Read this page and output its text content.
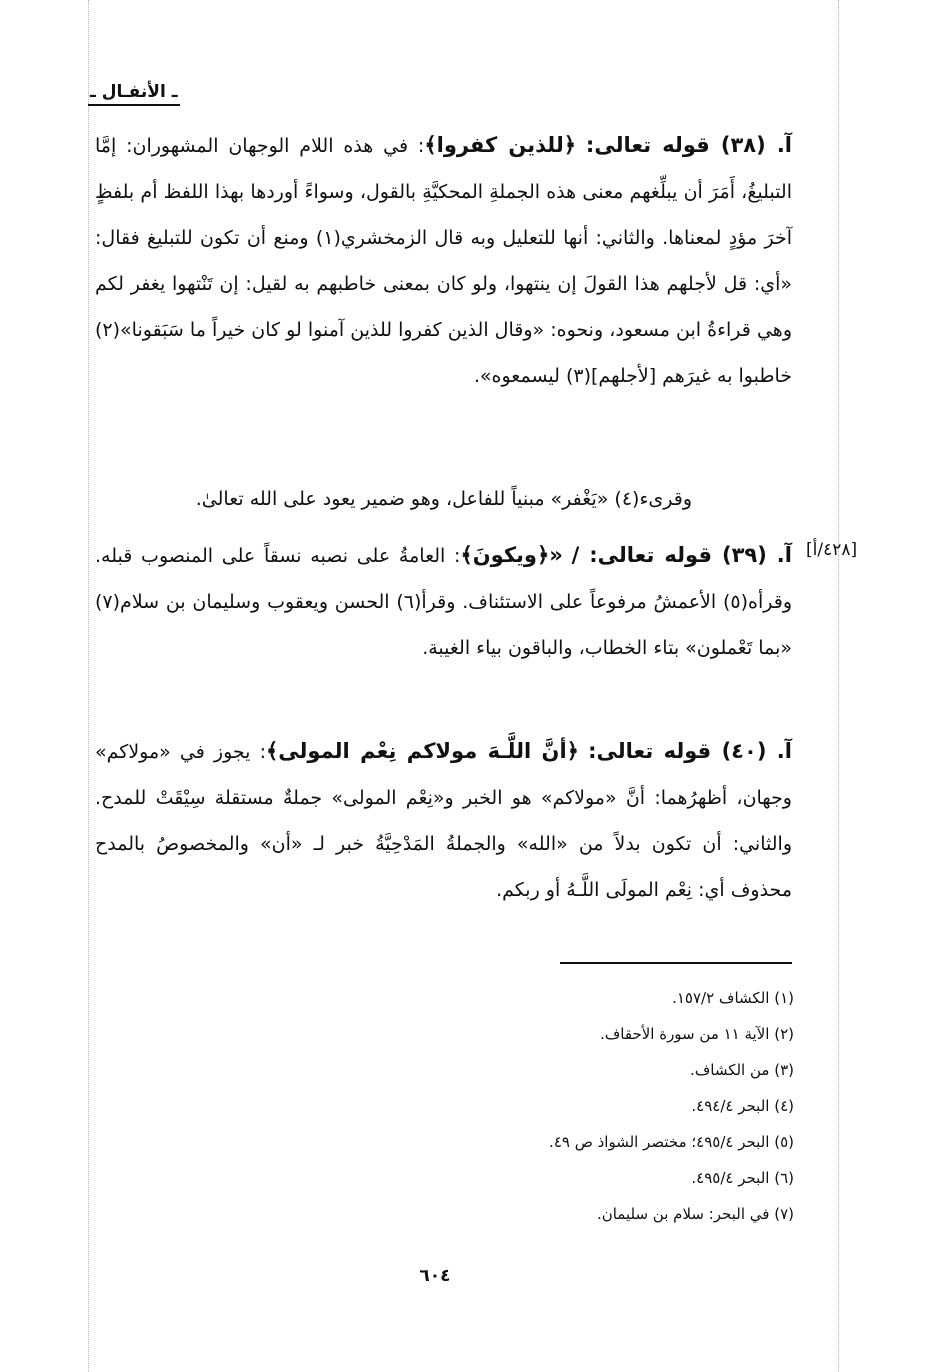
ـ الأنفـال ـ

آ. (٣٨) قوله تعالى: ﴿للذين كفروا﴾: في هذه اللام الوجهان المشهوران: إمَّا التبليغُ، أَمَرَ أن يبلِّغهم معنى هذه الجملةِ المحكيَّةِ بالقول، وسواءً أوردها بهذا اللفظ أم بلفظٍ آخرَ مؤدٍ لمعناها. والثاني: أنها للتعليل وبه قال الزمخشري(١) ومنع أن تكون للتبليغ فقال: «أي: قل لأجلهم هذا القولَ إن ينتهوا، ولو كان بمعنى خاطبهم به لقيل: إن تَنْتهوا يغفر لكم وهي قراءةُ ابن مسعود، ونحوه: «وقال الذين كفروا للذين آمنوا لو كان خيراً ما سَبَقونا»(٢) خاطبوا به غيرَهم [لأجلهم](٣) ليسمعوه».

وقرىء(٤) «يَغْفر» مبنياً للفاعل، وهو ضمير يعود على الله تعالىٰ.

[٤٢٨/أ]

آ. (٣٩) قوله تعالى: / «﴿ويكونَ﴾: العامةُ على نصبه نسقاً على المنصوب قبله. وقرأه(٥) الأعمشُ مرفوعاً على الاستئناف. وقرأ(٦) الحسن ويعقوب وسليمان بن سلام(٧) «بما تَعْملون» بتاء الخطاب، والباقون بياء الغيبة.

آ. (٤٠) قوله تعالى: ﴿أنَّ اللَّـهَ مولاكم نِعْم المولى﴾: يجوز في «مولاكم» وجهان، أظهرُهما: أنَّ «مولاكم» هو الخبر و«نِعْم المولى» جملةٌ مستقلة سِيْقَتْ للمدح. والثاني: أن تكون بدلاً من «الله» والجملةُ المَدْحِيَّةُ خبر لـ «أن» والمخصوصُ بالمدح محذوف أي: نِعْم المولَى اللَّـهُ أو ربكم.

(١) الكشاف ١٥٧/٢.
(٢) الآية ١١ من سورة الأحقاف.
(٣) من الكشاف.
(٤) البحر ٤٩٤/٤.
(٥) البحر ٤٩٥/٤؛ مختصر الشواذ ص ٤٩.
(٦) البحر ٤٩٥/٤.
(٧) في البحر: سلام بن سليمان.
٦٠٤
